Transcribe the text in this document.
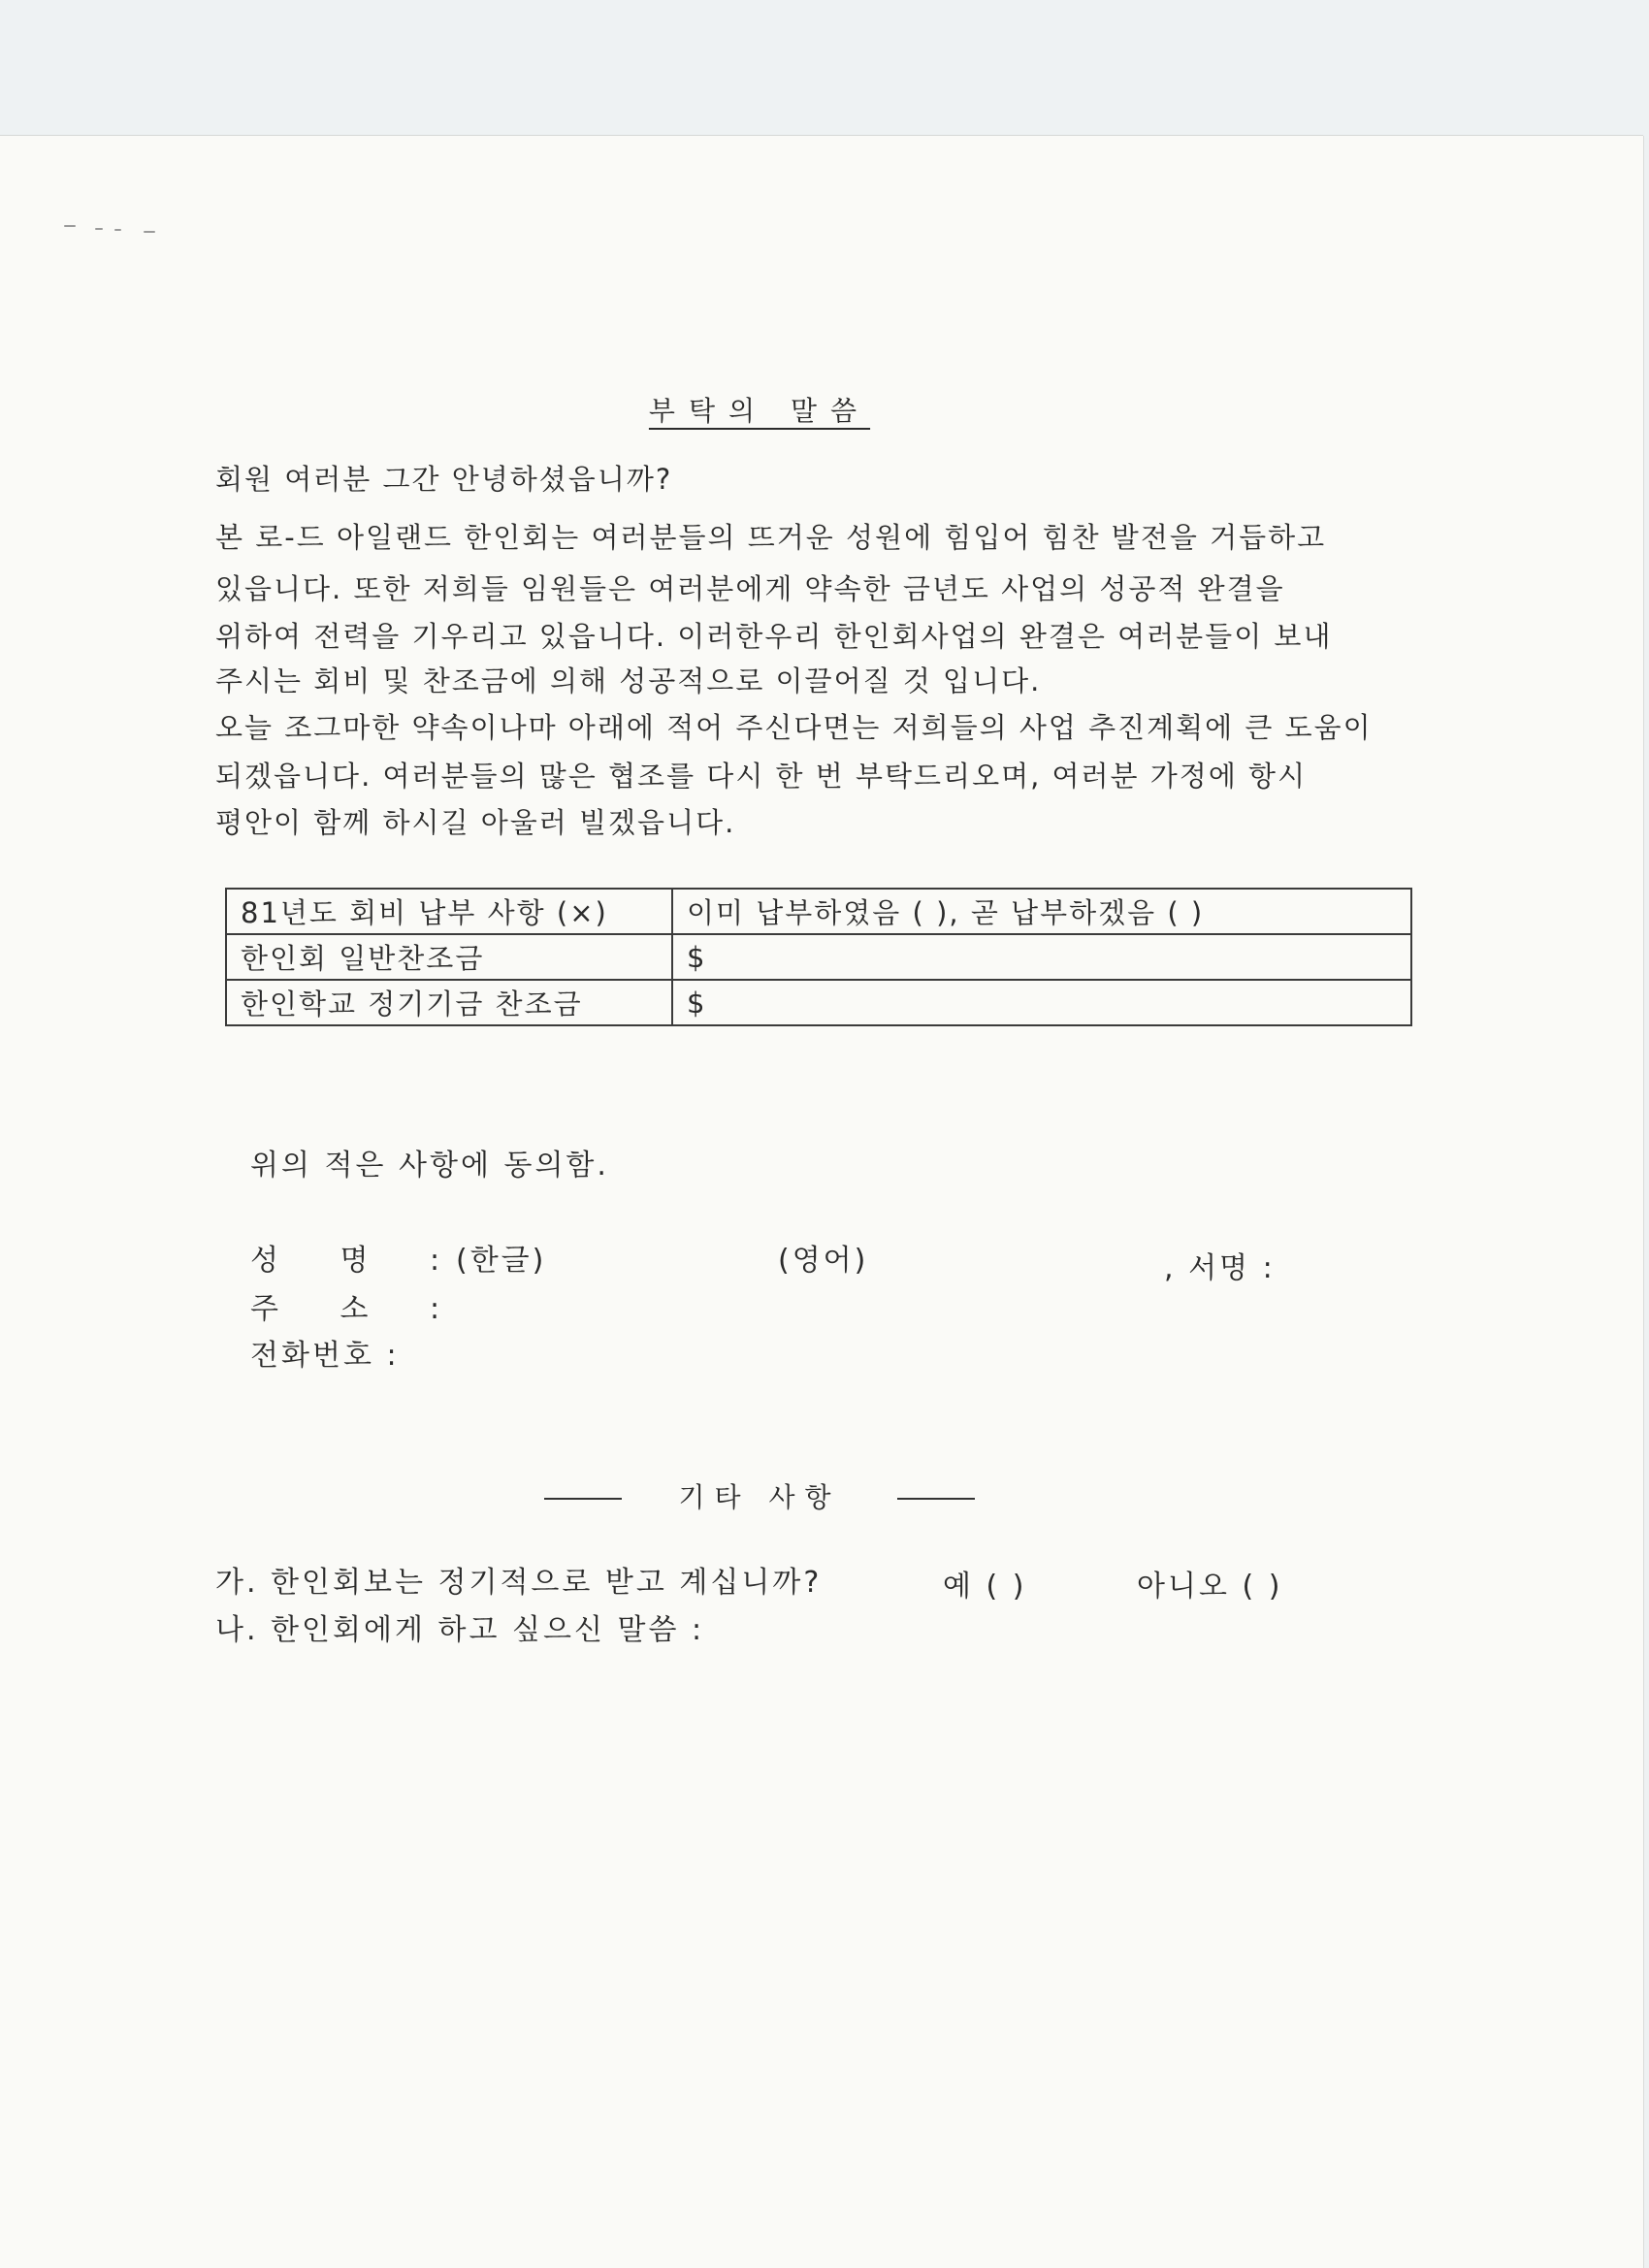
부탁의 말씀
회원 여러분 그간 안녕하셨읍니까?
본 로-드 아일랜드 한인회는 여러분들의 뜨거운 성원에 힘입어 힘찬 발전을 거듭하고
있읍니다. 또한 저희들 임원들은 여러분에게 약속한 금년도 사업의 성공적 완결을
위하여 전력을 기우리고 있읍니다. 이러한우리 한인회사업의 완결은 여러분들이 보내
주시는 회비 및 찬조금에 의해 성공적으로 이끌어질 것 입니다.
오늘 조그마한 약속이나마 아래에 적어 주신다면는 저희들의 사업 추진계획에 큰 도움이
되겠읍니다. 여러분들의 많은 협조를 다시 한 번 부탁드리오며, 여러분 가정에 항시
평안이 함께 하시길 아울러 빌겠읍니다.
81년도 회비 납부 사항 (×)	이미 납부하였음 ( ), 곧 납부하겠음 ( )
한인회 일반찬조금	$
한인학교 정기기금 찬조금	$
위의 적은 사항에 동의함.
성 명 : (한글)	(영어)	, 서명 :
주 소 :
전화번호 :
기타 사항
가. 한인회보는 정기적으로 받고 계십니까?	예 ( )	아니오 ( )
나. 한인회에게 하고 싶으신 말씀 :
